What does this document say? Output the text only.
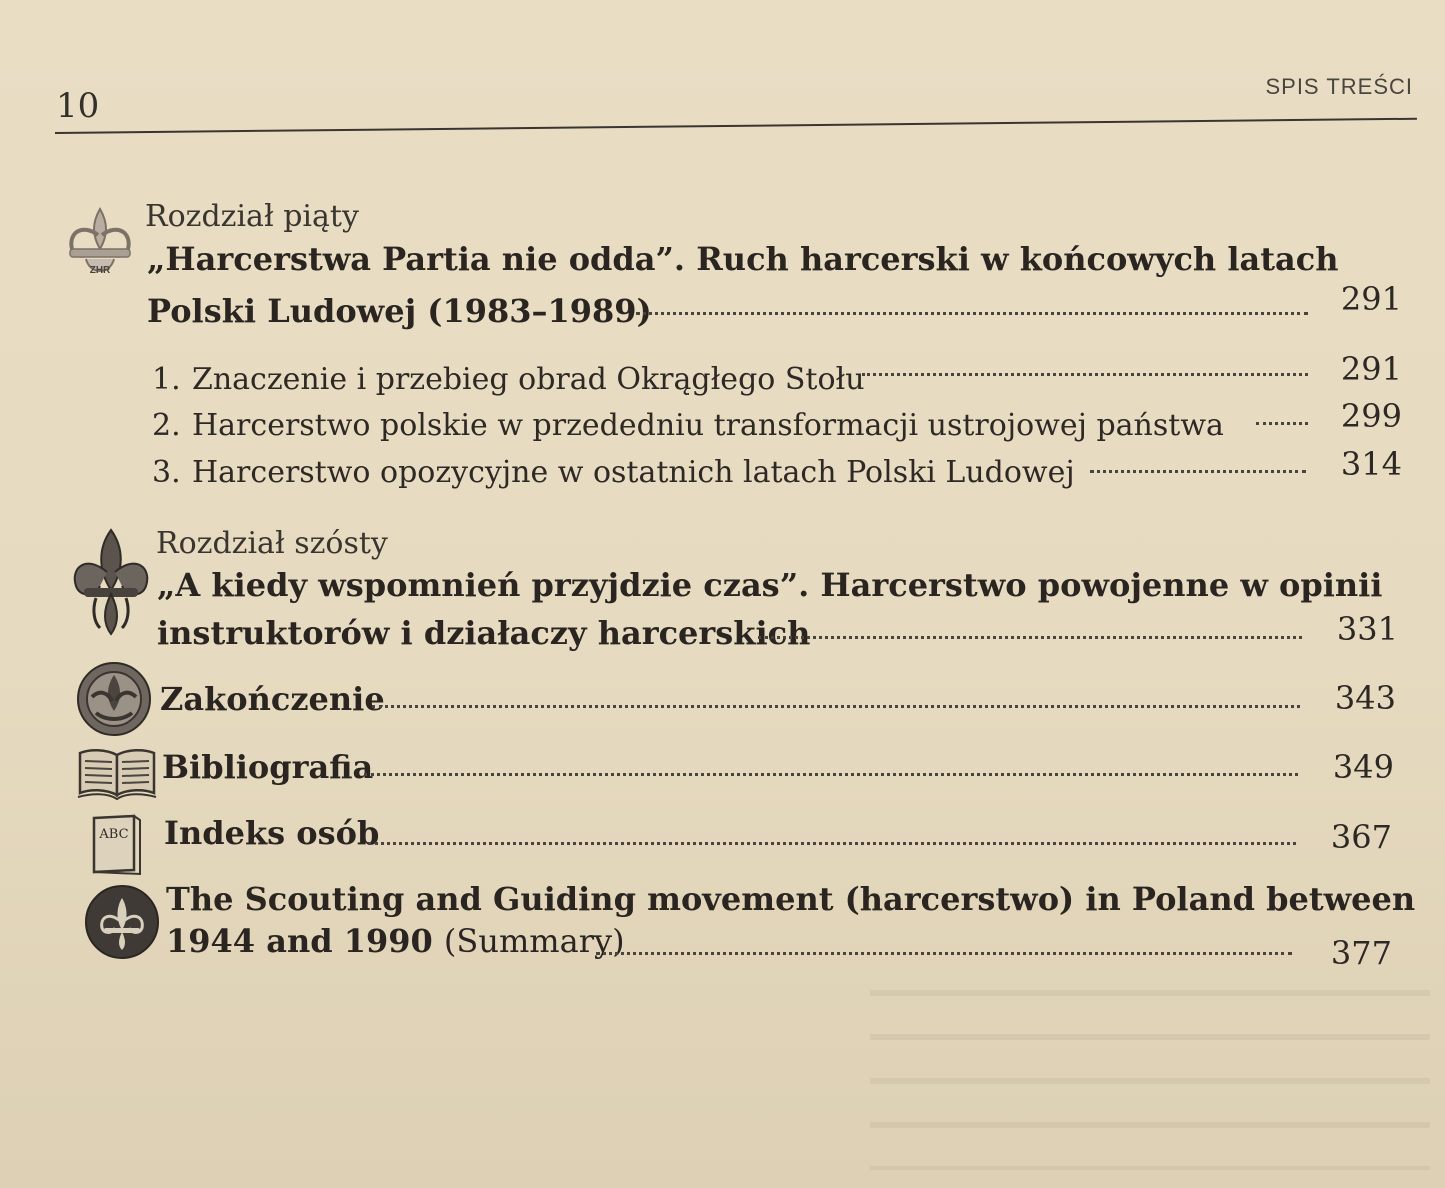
10	SPIS TREŚCI
ZHR
Rozdział piąty
„Harcerstwa Partia nie odda”. Ruch harcerski w końcowych latach
Polski Ludowej (1983–1989)	291
1. Znaczenie i przebieg obrad Okrągłego Stołu	291
2. Harcerstwo polskie w przededniu transformacji ustrojowej państwa	299
3. Harcerstwo opozycyjne w ostatnich latach Polski Ludowej	314
Rozdział szósty
„A kiedy wspomnień przyjdzie czas”. Harcerstwo powojenne w opinii
instruktorów i działaczy harcerskich	331
Zakończenie	343
Bibliografia	349
ABC Indeks osób	367
The Scouting and Guiding movement (harcerstwo) in Poland between
1944 and 1990 (Summary)	377
